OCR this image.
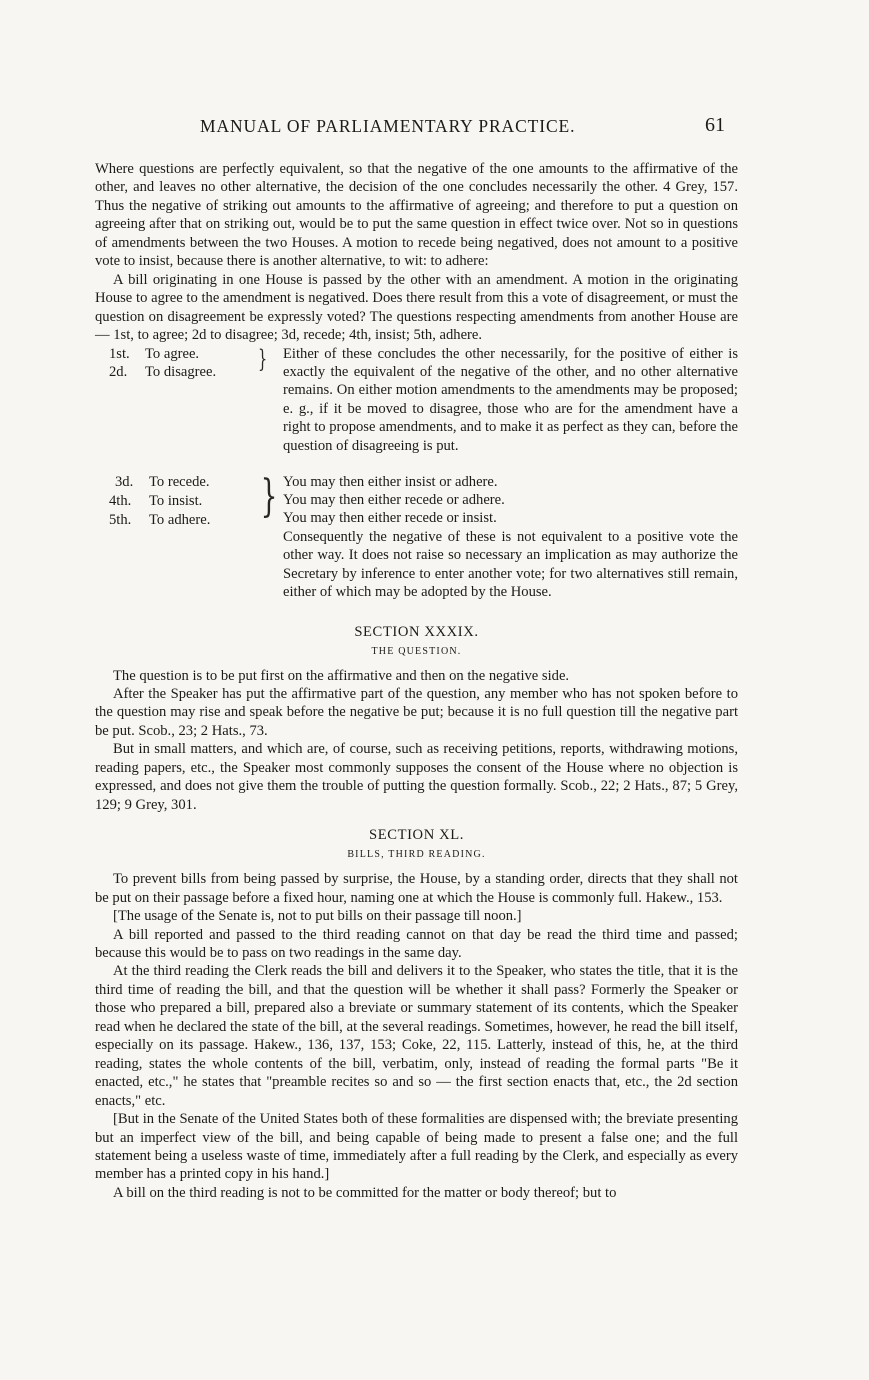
MANUAL OF PARLIAMENTARY PRACTICE.	61

Where questions are perfectly equivalent, so that the negative of the one amounts to the affirmative of the other, and leaves no other alternative, the decision of the one concludes necessarily the other. 4 Grey, 157. Thus the negative of striking out amounts to the affirmative of agreeing; and therefore to put a question on agreeing after that on striking out, would be to put the same question in effect twice over. Not so in questions of amendments between the two Houses. A motion to recede being negatived, does not amount to a positive vote to insist, because there is another alternative, to wit: to adhere:

A bill originating in one House is passed by the other with an amendment. A motion in the originating House to agree to the amendment is negatived. Does there result from this a vote of disagreement, or must the question on disagreement be expressly voted? The questions respecting amendments from another House are — 1st, to agree; 2d to disagree; 3d, recede; 4th, insist; 5th, adhere.

1st. To agree.
2d. To disagree. } Either of these concludes the other necessarily, for the positive of either is exactly the equivalent of the negative of the other, and no other alternative remains. On either motion amendments to the amendments may be proposed; e. g., if it be moved to disagree, those who are for the amendment have a right to propose amendments, and to make it as perfect as they can, before the question of disagreeing is put.

3d. To recede.
4th. To insist.
5th. To adhere. } You may then either insist or adhere.

You may then either recede or adhere.

You may then either recede or insist.

Consequently the negative of these is not equivalent to a positive vote the other way. It does not raise so necessary an implication as may authorize the Secretary by inference to enter another vote; for two alternatives still remain, either of which may be adopted by the House.

SECTION XXXIX.
THE QUESTION.

The question is to be put first on the affirmative and then on the negative side.

After the Speaker has put the affirmative part of the question, any member who has not spoken before to the question may rise and speak before the negative be put; because it is no full question till the negative part be put. Scob., 23; 2 Hats., 73.

But in small matters, and which are, of course, such as receiving petitions, reports, withdrawing motions, reading papers, etc., the Speaker most commonly supposes the consent of the House where no objection is expressed, and does not give them the trouble of putting the question formally. Scob., 22; 2 Hats., 87; 5 Grey, 129; 9 Grey, 301.

SECTION XL.
BILLS, THIRD READING.

To prevent bills from being passed by surprise, the House, by a standing order, directs that they shall not be put on their passage before a fixed hour, naming one at which the House is commonly full. Hakew., 153.

[The usage of the Senate is, not to put bills on their passage till noon.]

A bill reported and passed to the third reading cannot on that day be read the third time and passed; because this would be to pass on two readings in the same day.

At the third reading the Clerk reads the bill and delivers it to the Speaker, who states the title, that it is the third time of reading the bill, and that the question will be whether it shall pass? Formerly the Speaker or those who prepared a bill, prepared also a breviate or summary statement of its contents, which the Speaker read when he declared the state of the bill, at the several readings. Sometimes, however, he read the bill itself, especially on its passage. Hakew., 136, 137, 153; Coke, 22, 115. Latterly, instead of this, he, at the third reading, states the whole contents of the bill, verbatim, only, instead of reading the formal parts "Be it enacted, etc.," he states that "preamble recites so and so — the first section enacts that, etc., the 2d section enacts," etc.

[But in the Senate of the United States both of these formalities are dispensed with; the breviate presenting but an imperfect view of the bill, and being capable of being made to present a false one; and the full statement being a useless waste of time, immediately after a full reading by the Clerk, and especially as every member has a printed copy in his hand.]

A bill on the third reading is not to be committed for the matter or body thereof; but to
